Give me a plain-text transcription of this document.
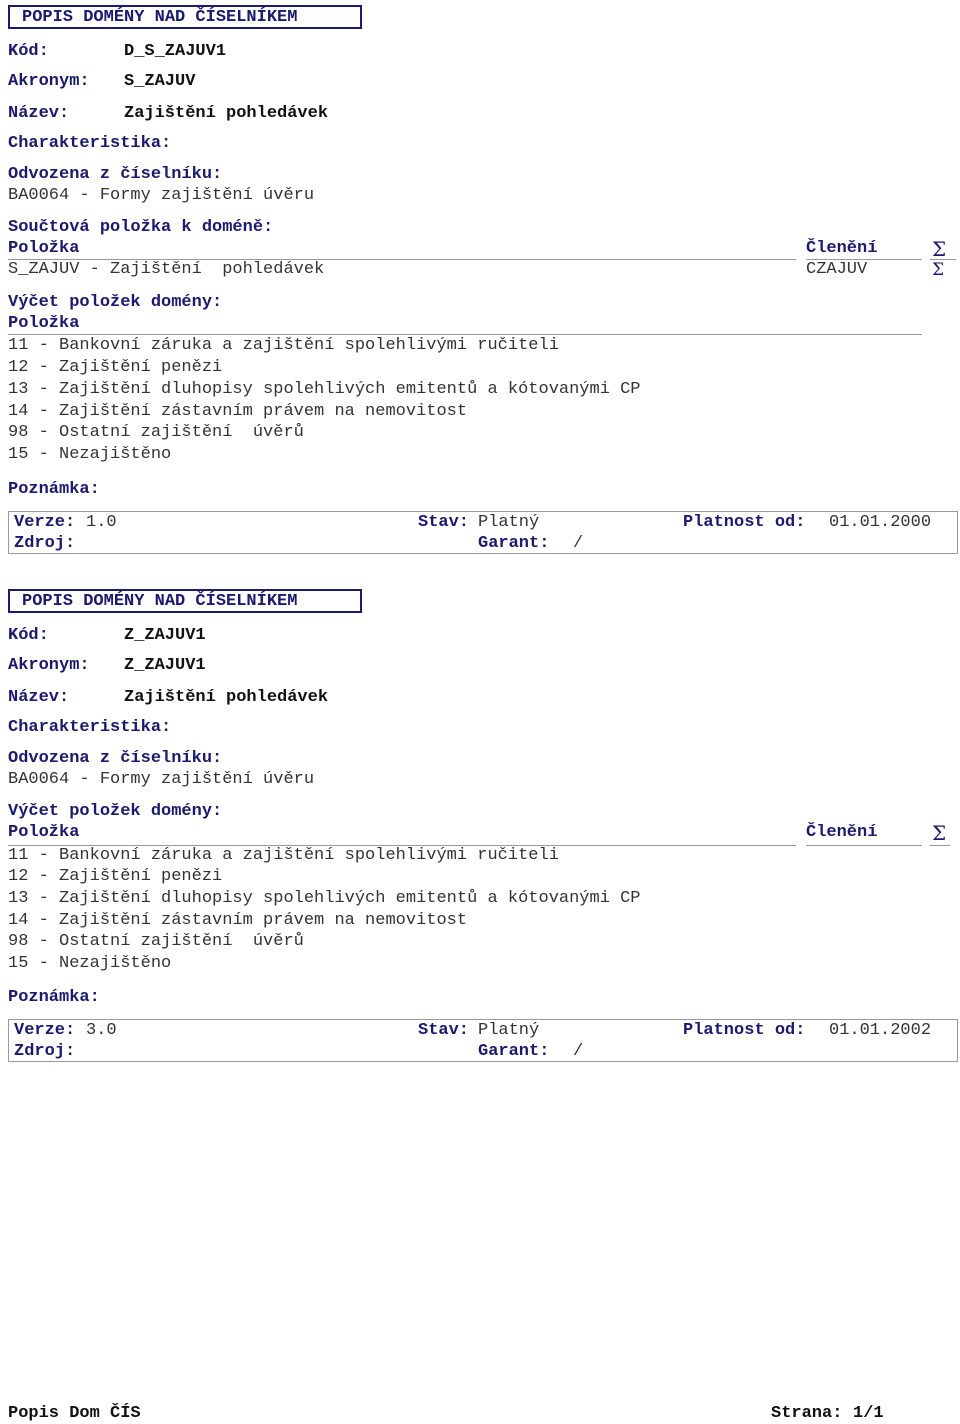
POPIS DOMÉNY NAD ČÍSELNÍKEM
Kód:	D_S_ZAJUV1
Akronym: S_ZAJUV
Název:	Zajištění pohledávek
Charakteristika:
Odvozena z číselníku:
BA0064 - Formy zajištění úvěru
Součtová položka k doméně:
Položka	Členění	Σ
S_ZAJUV - Zajištění  pohledávek	CZAJUV	Σ
Výčet položek domény:
Položka
11 - Bankovní záruka a zajištění spolehlivými ručiteli
12 - Zajištění penězi
13 - Zajištění dluhopisy spolehlivých emitentů a kótovanými CP
14 - Zajištění zástavním právem na nemovitost
98 - Ostatní zajištění  úvěrů
15 - Nezajištěno
Poznámka:
Verze: 1.0	Stav: Platný	Platnost od: 01.01.2000
Zdroj:	Garant: /
POPIS DOMÉNY NAD ČÍSELNÍKEM
Kód:	Z_ZAJUV1
Akronym: Z_ZAJUV1
Název:	Zajištění pohledávek
Charakteristika:
Odvozena z číselníku:
BA0064 - Formy zajištění úvěru
Výčet položek domény:
Položka	Členění	Σ
11 - Bankovní záruka a zajištění spolehlivými ručiteli
12 - Zajištění penězi
13 - Zajištění dluhopisy spolehlivých emitentů a kótovanými CP
14 - Zajištění zástavním právem na nemovitost
98 - Ostatní zajištění  úvěrů
15 - Nezajištěno
Poznámka:
Verze: 3.0	Stav: Platný	Platnost od: 01.01.2002
Zdroj:	Garant: /
Popis Dom ČÍS	Strana: 1/1
